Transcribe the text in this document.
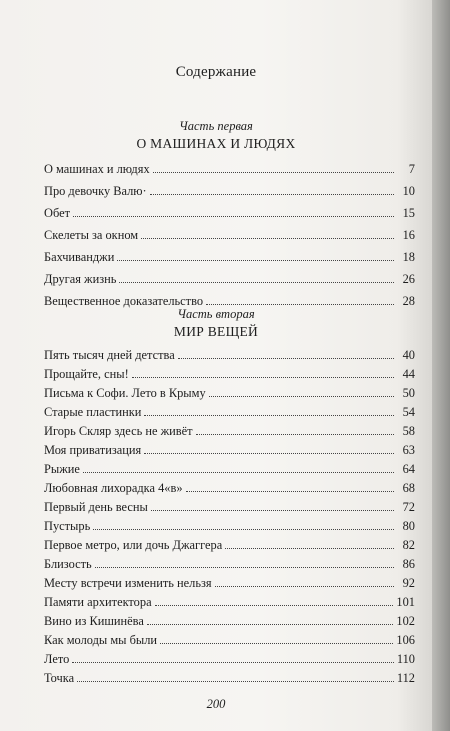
Содержание
Часть первая
О МАШИНАХ И ЛЮДЯХ
О машинах и людях	7
Про девочку Валю·	10
Обет	15
Скелеты за окном	16
Бахчиванджи	18
Другая жизнь	26
Вещественное доказательство	28
Часть вторая
МИР ВЕЩЕЙ
Пять тысяч дней детства	40
Прощайте, сны!	44
Письма к Софи. Лето в Крыму	50
Старые пластинки	54
Игорь Скляр здесь не живёт	58
Моя приватизация	63
Рыжие	64
Любовная лихорадка 4«в»	68
Первый день весны	72
Пустырь	80
Первое метро, или дочь Джаггера	82
Близость	86
Месту встречи изменить нельзя	92
Памяти архитектора	101
Вино из Кишинёва	102
Как молоды мы были	106
Лето	110
Точка	112
200
